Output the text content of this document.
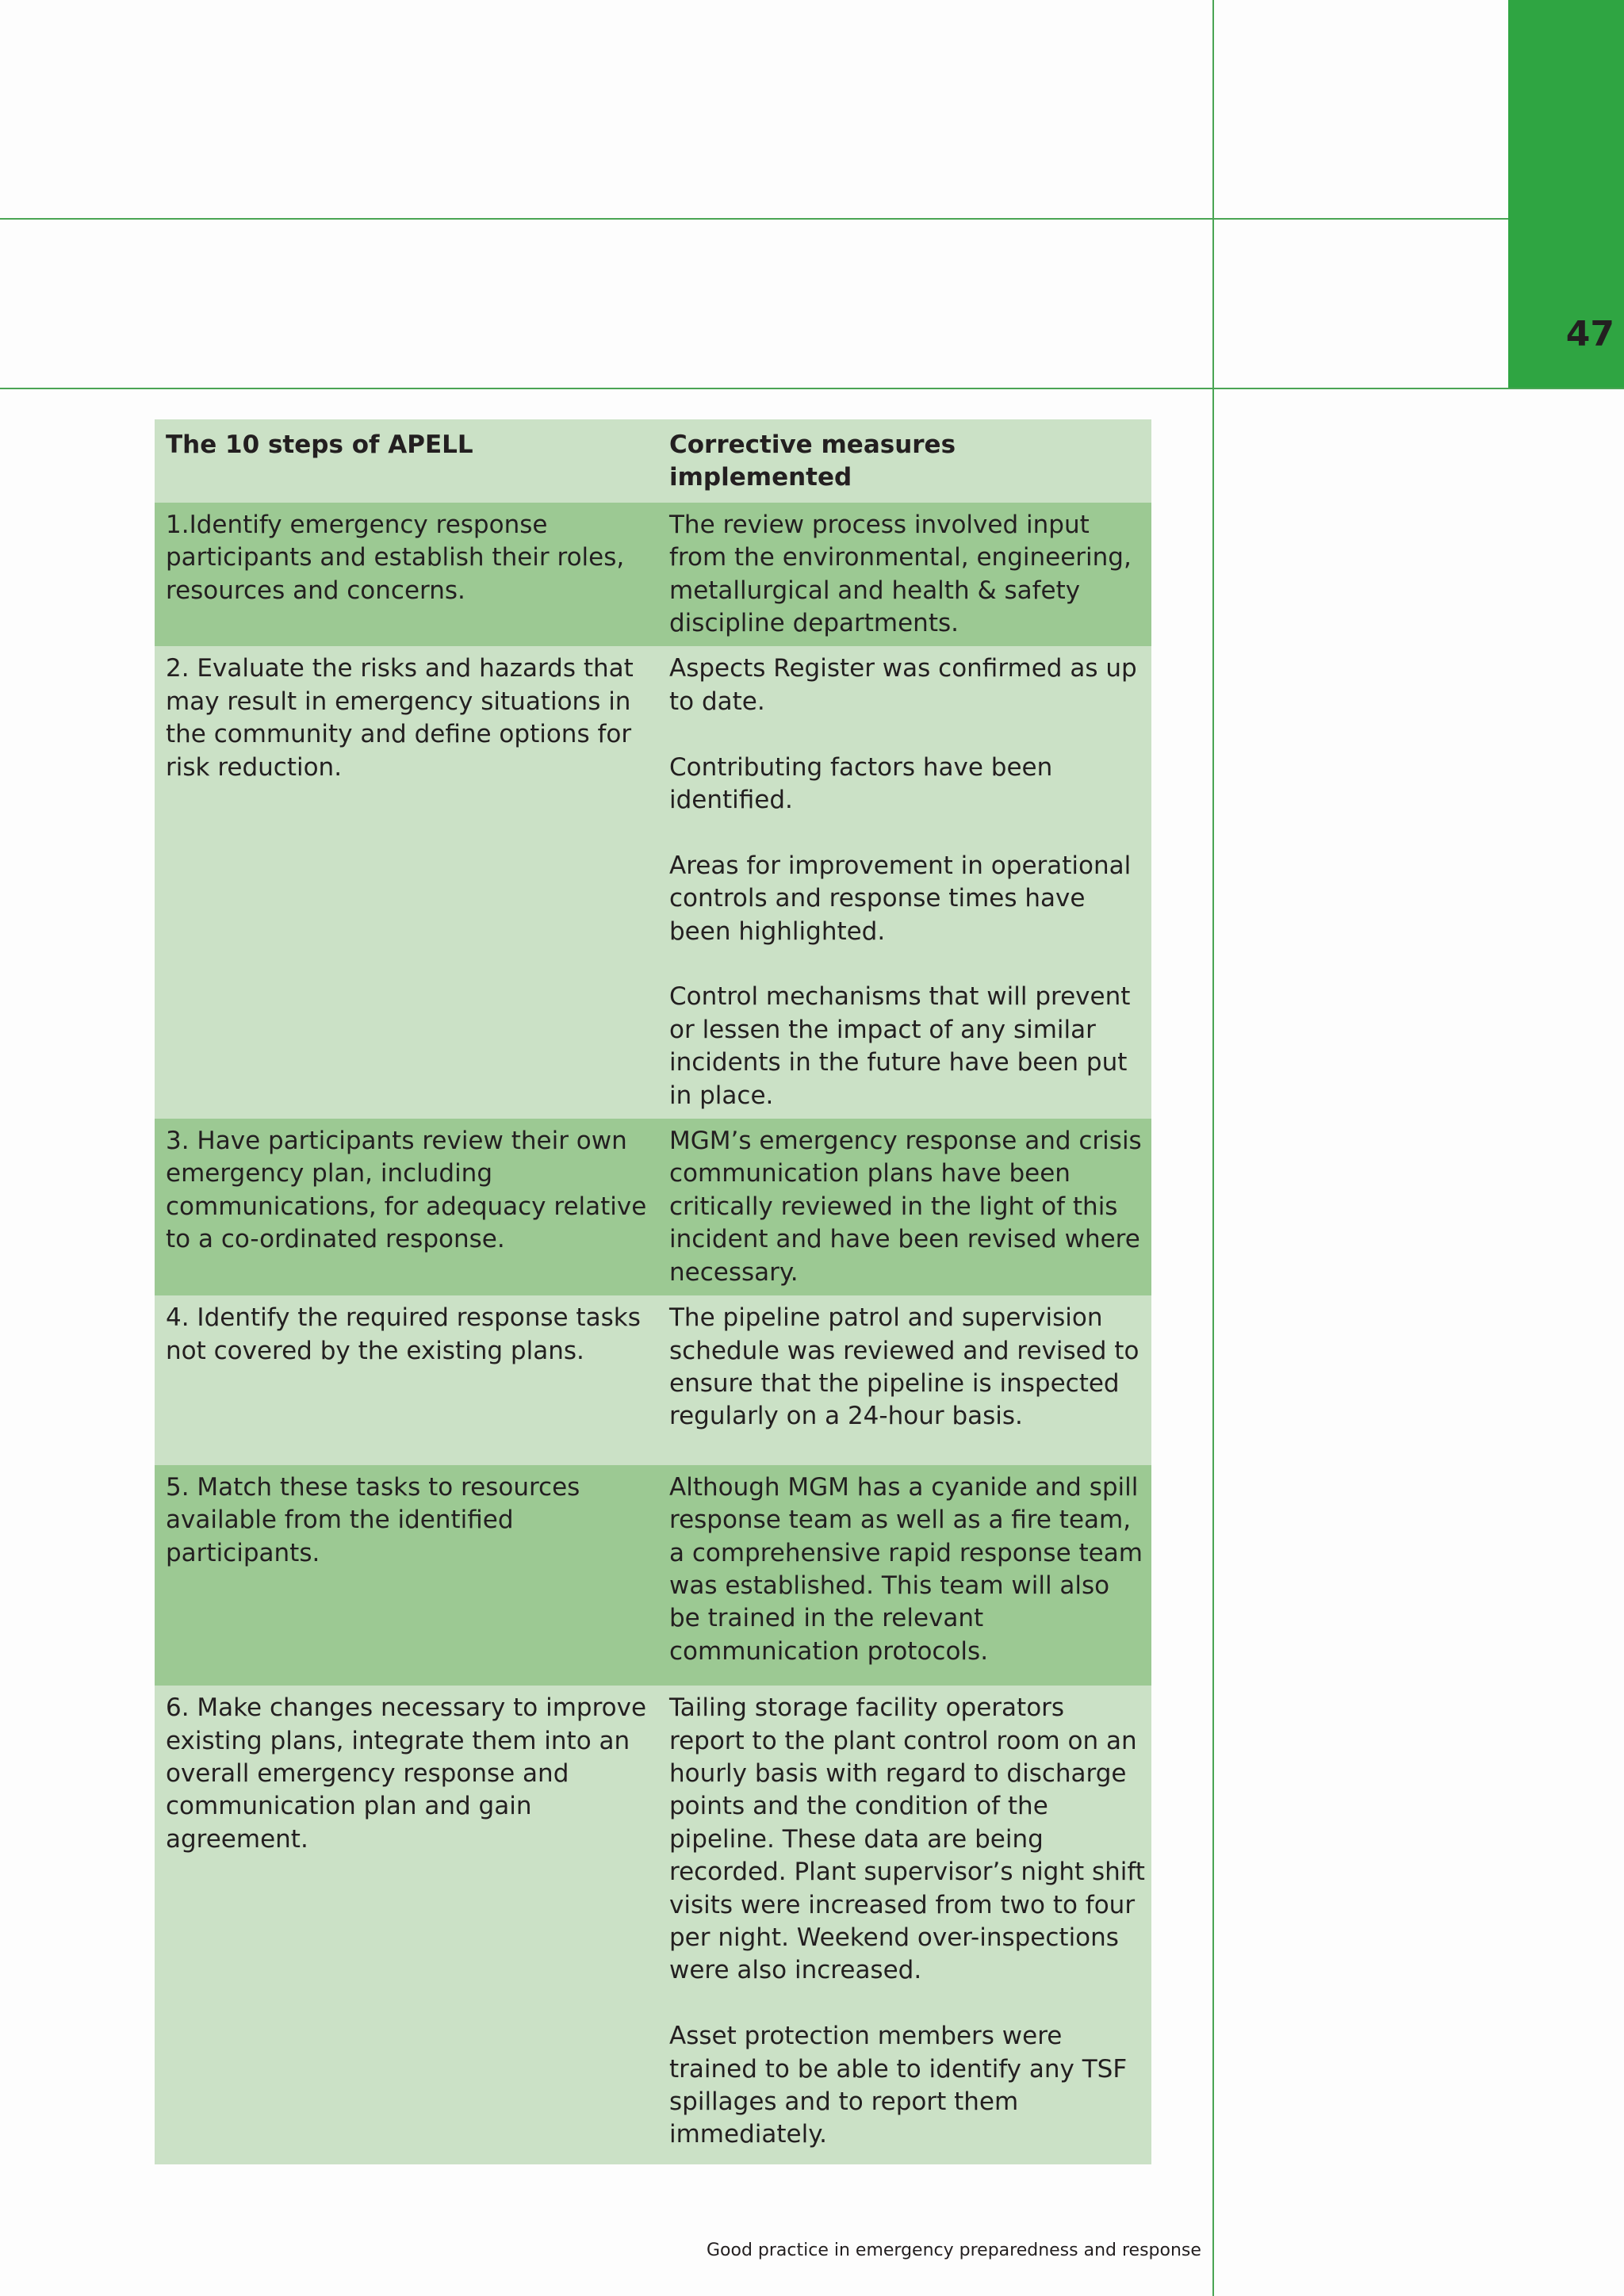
47
The 10 steps of APELL	Corrective measures implemented
1.Identify emergency response participants and establish their roles, resources and concerns.	The review process involved input from the environmental, engineering, metallurgical and health & safety discipline departments.

2. Evaluate the risks and hazards that may result in emergency situations in the community and define options for risk reduction.	Aspects Register was confirmed as up to date.

Contributing factors have been identified.

Areas for improvement in operational controls and response times have been highlighted.

Control mechanisms that will prevent or lessen the impact of any similar incidents in the future have been put in place.

3. Have participants review their own emergency plan, including communications, for adequacy relative to a co-ordinated response.	MGM’s emergency response and crisis communication plans have been critically reviewed in the light of this incident and have been revised where necessary.

4. Identify the required response tasks not covered by the existing plans.	The pipeline patrol and supervision schedule was reviewed and revised to ensure that the pipeline is inspected regularly on a 24-hour basis.

5. Match these tasks to resources available from the identified participants.	Although MGM has a cyanide and spill response team as well as a fire team, a comprehensive rapid response team was established. This team will also be trained in the relevant communication protocols.

6. Make changes necessary to improve existing plans, integrate them into an overall emergency response and communication plan and gain agreement.	Tailing storage facility operators report to the plant control room on an hourly basis with regard to discharge points and the condition of the pipeline. These data are being recorded. Plant supervisor’s night shift visits were increased from two to four per night. Weekend over-inspections were also increased.

Asset protection members were trained to be able to identify any TSF spillages and to report them immediately.

Good practice in emergency preparedness and response
